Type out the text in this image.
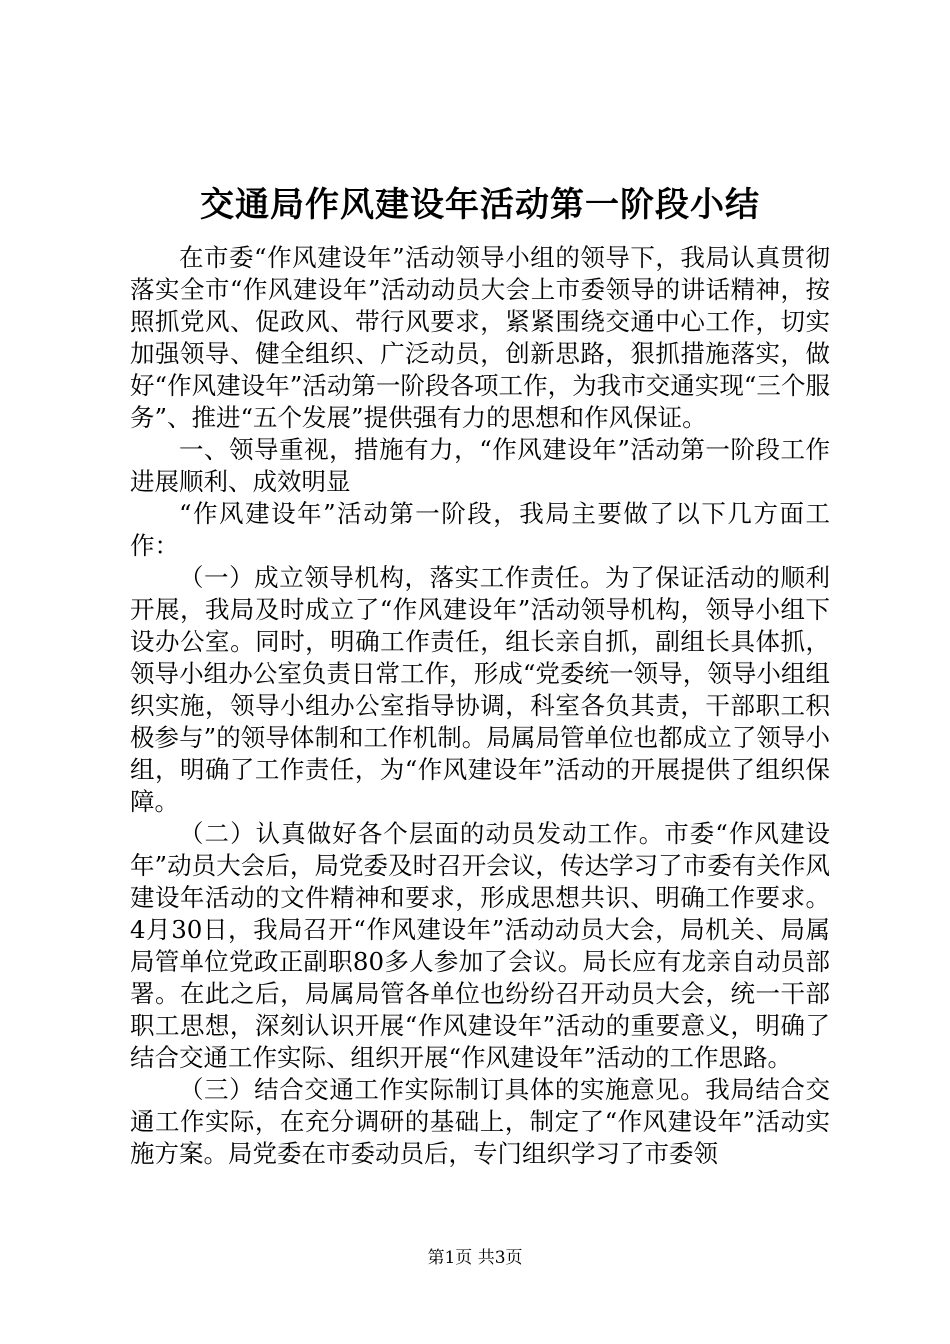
交通局作风建设年活动第一阶段小结

在市委“作风建设年”活动领导小组的领导下，我局认真贯彻落实全市“作风建设年”活动动员大会上市委领导的讲话精神，按照抓党风、促政风、带行风要求，紧紧围绕交通中心工作，切实加强领导、健全组织、广泛动员，创新思路，狠抓措施落实，做好“作风建设年”活动第一阶段各项工作，为我市交通实现“三个服务”、推进“五个发展”提供强有力的思想和作风保证。

一、领导重视，措施有力，“作风建设年”活动第一阶段工作进展顺利、成效明显

“作风建设年”活动第一阶段，我局主要做了以下几方面工作：

（一）成立领导机构，落实工作责任。为了保证活动的顺利开展，我局及时成立了“作风建设年”活动领导机构，领导小组下设办公室。同时，明确工作责任，组长亲自抓，副组长具体抓，领导小组办公室负责日常工作，形成“党委统一领导，领导小组组织实施，领导小组办公室指导协调，科室各负其责，干部职工积极参与”的领导体制和工作机制。局属局管单位也都成立了领导小组，明确了工作责任，为“作风建设年”活动的开展提供了组织保障。

（二）认真做好各个层面的动员发动工作。市委“作风建设年”动员大会后，局党委及时召开会议，传达学习了市委有关作风建设年活动的文件精神和要求，形成思想共识、明确工作要求。4月30日，我局召开“作风建设年”活动动员大会，局机关、局属局管单位党政正副职80多人参加了会议。局长应有龙亲自动员部署。在此之后，局属局管各单位也纷纷召开动员大会，统一干部职工思想，深刻认识开展“作风建设年”活动的重要意义，明确了结合交通工作实际、组织开展“作风建设年”活动的工作思路。

（三）结合交通工作实际制订具体的实施意见。我局结合交通工作实际，在充分调研的基础上，制定了“作风建设年”活动实施方案。局党委在市委动员后，专门组织学习了市委领

第1页 共3页
